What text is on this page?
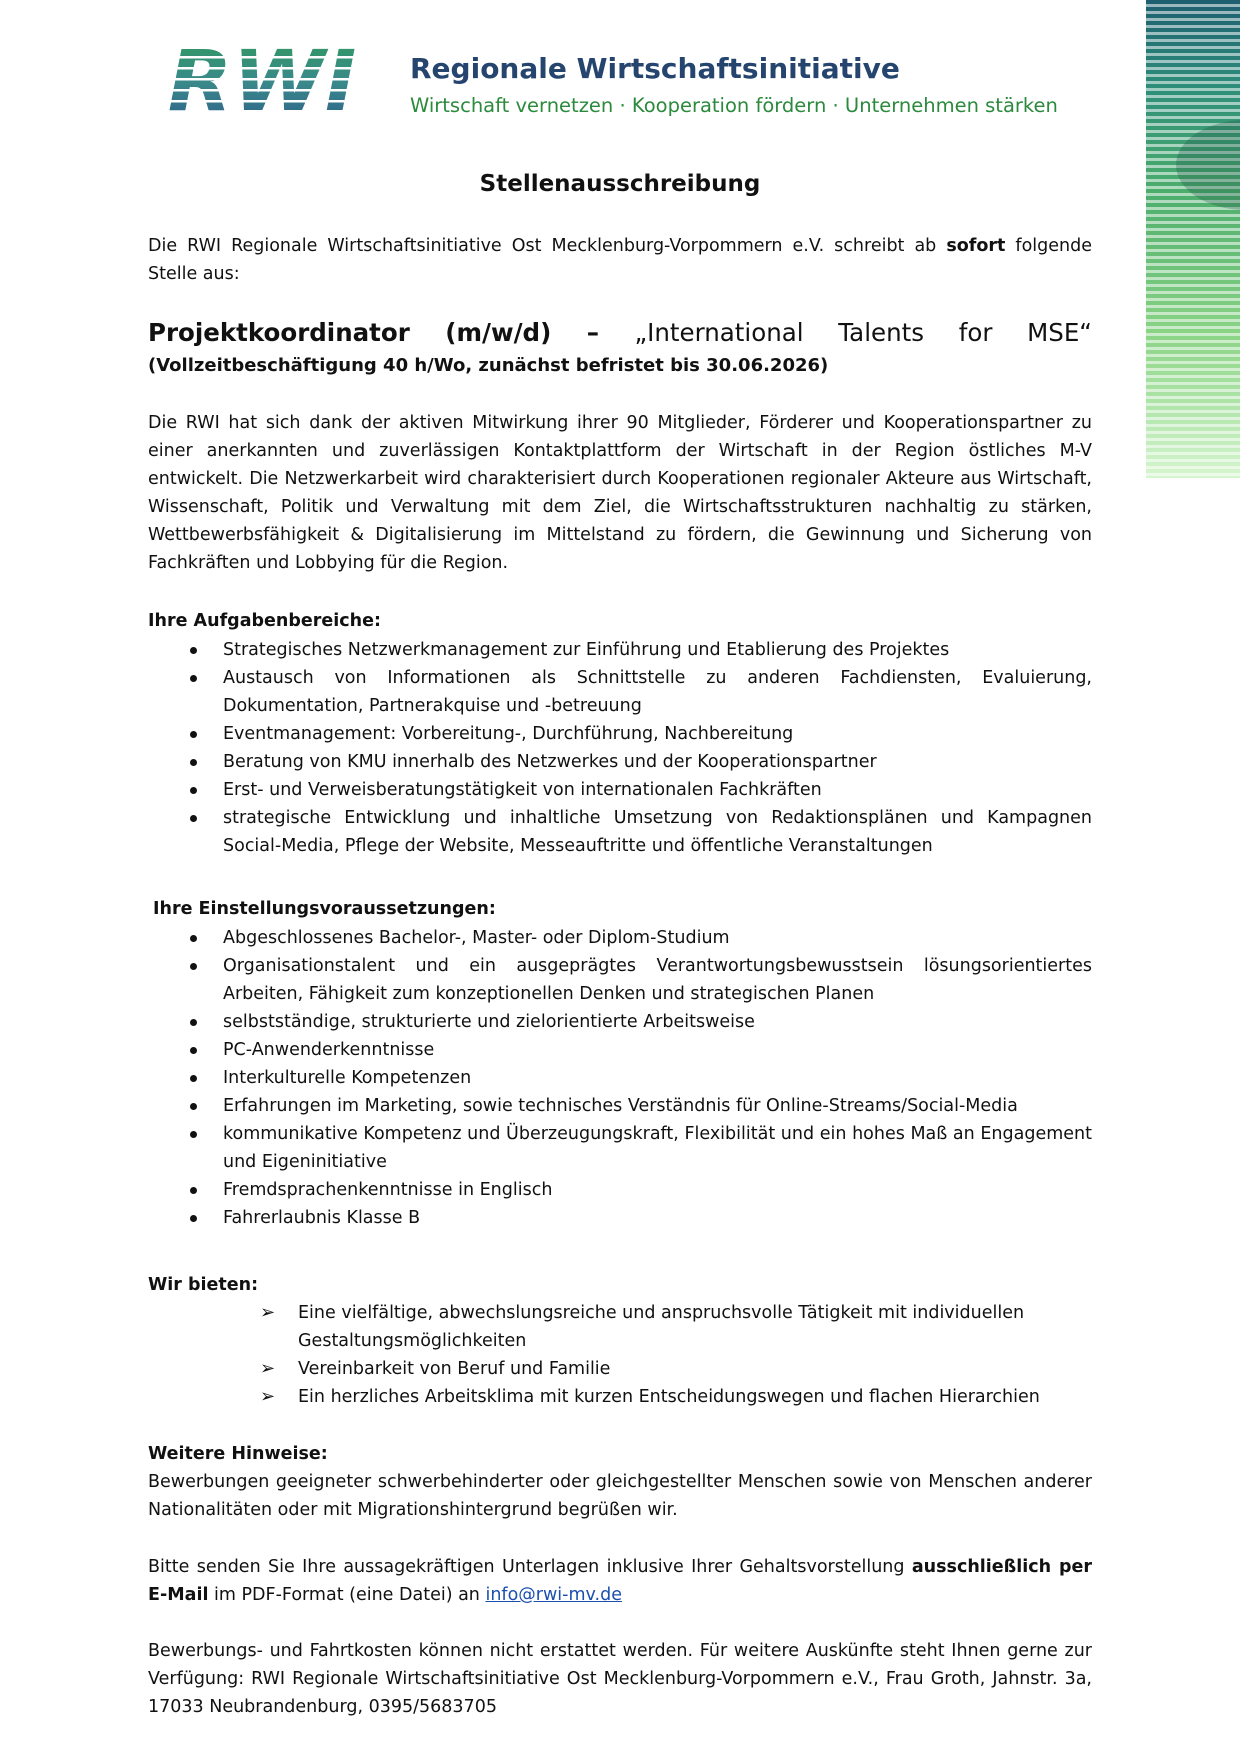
Regionale Wirtschaftsinitiative

Wirtschaft vernetzen · Kooperation fördern · Unternehmen stärken

Stellenausschreibung

Die RWI Regionale Wirtschaftsinitiative Ost Mecklenburg-Vorpommern e.V. schreibt ab sofort folgende Stelle aus:

Projektkoordinator (m/w/d) – „International Talents for MSE“

(Vollzeitbeschäftigung 40 h/Wo, zunächst befristet bis 30.06.2026)

Die RWI hat sich dank der aktiven Mitwirkung ihrer 90 Mitglieder, Förderer und Kooperationspartner zu einer anerkannten und zuverlässigen Kontaktplattform der Wirtschaft in der Region östliches M-V entwickelt. Die Netzwerkarbeit wird charakterisiert durch Kooperationen regionaler Akteure aus Wirtschaft, Wissenschaft, Politik und Verwaltung mit dem Ziel, die Wirtschaftsstrukturen nachhaltig zu stärken, Wettbewerbsfähigkeit & Digitalisierung im Mittelstand zu fördern, die Gewinnung und Sicherung von Fachkräften und Lobbying für die Region.

Ihre Aufgabenbereiche:

Strategisches Netzwerkmanagement zur Einführung und Etablierung des Projektes
Austausch von Informationen als Schnittstelle zu anderen Fachdiensten, Evaluierung, Dokumentation, Partnerakquise und -betreuung
Eventmanagement: Vorbereitung-, Durchführung, Nachbereitung
Beratung von KMU innerhalb des Netzwerkes und der Kooperationspartner
Erst- und Verweisberatungstätigkeit von internationalen Fachkräften
strategische Entwicklung und inhaltliche Umsetzung von Redaktionsplänen und Kampagnen Social-Media, Pflege der Website, Messeauftritte und öffentliche Veranstaltungen

Ihre Einstellungsvoraussetzungen:

Abgeschlossenes Bachelor-, Master- oder Diplom-Studium
Organisationstalent und ein ausgeprägtes Verantwortungsbewusstsein lösungsorientiertes Arbeiten, Fähigkeit zum konzeptionellen Denken und strategischen Planen
selbstständige, strukturierte und zielorientierte Arbeitsweise
PC-Anwenderkenntnisse
Interkulturelle Kompetenzen
Erfahrungen im Marketing, sowie technisches Verständnis für Online-Streams/Social-Media
kommunikative Kompetenz und Überzeugungskraft, Flexibilität und ein hohes Maß an Engagement und Eigeninitiative
Fremdsprachenkenntnisse in Englisch
Fahrerlaubnis Klasse B

Wir bieten:

➢ Eine vielfältige, abwechslungsreiche und anspruchsvolle Tätigkeit mit individuellen Gestaltungsmöglichkeiten
➢ Vereinbarkeit von Beruf und Familie
➢ Ein herzliches Arbeitsklima mit kurzen Entscheidungswegen und flachen Hierarchien

Weitere Hinweise:

Bewerbungen geeigneter schwerbehinderter oder gleichgestellter Menschen sowie von Menschen anderer Nationalitäten oder mit Migrationshintergrund begrüßen wir.

Bitte senden Sie Ihre aussagekräftigen Unterlagen inklusive Ihrer Gehaltsvorstellung ausschließlich per E-Mail im PDF-Format (eine Datei) an info@rwi-mv.de

Bewerbungs- und Fahrtkosten können nicht erstattet werden. Für weitere Auskünfte steht Ihnen gerne zur Verfügung: RWI Regionale Wirtschaftsinitiative Ost Mecklenburg-Vorpommern e.V., Frau Groth, Jahnstr. 3a, 17033 Neubrandenburg, 0395/5683705
